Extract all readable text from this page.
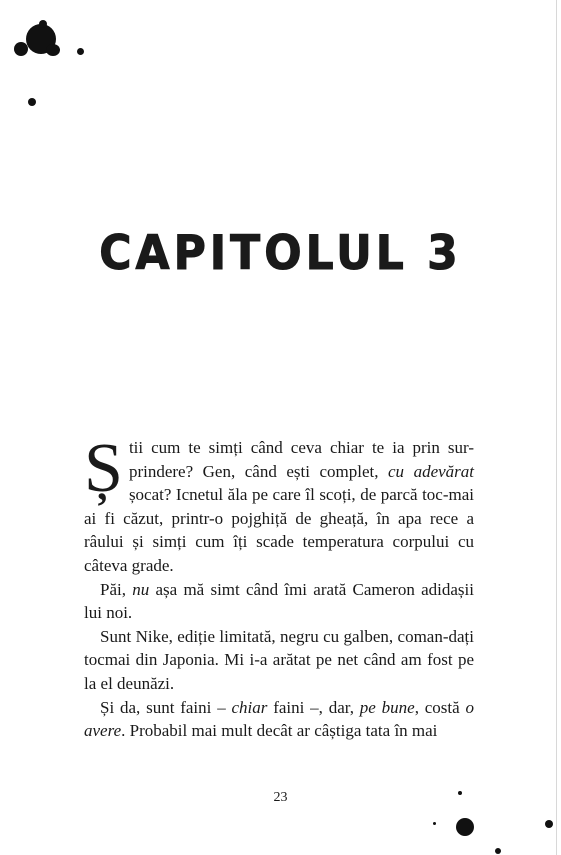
CAPITOLUL 3

Știi cum te simți când ceva chiar te ia prin sur-prindere? Gen, când ești complet, cu adevărat șocat? Icnetul ăla pe care îl scoți, de parcă toc-mai ai fi căzut, printr-o pojghiță de gheață, în apa rece a râului și simți cum îți scade temperatura corpului cu câteva grade.

Păi, nu așa mă simt când îmi arată Cameron adidașii lui noi.

Sunt Nike, ediție limitată, negru cu galben, coman-dați tocmai din Japonia. Mi i-a arătat pe net când am fost pe la el deunăzi.

Și da, sunt faini – chiar faini –, dar, pe bune, costă o avere. Probabil mai mult decât ar câștiga tata în mai

23
